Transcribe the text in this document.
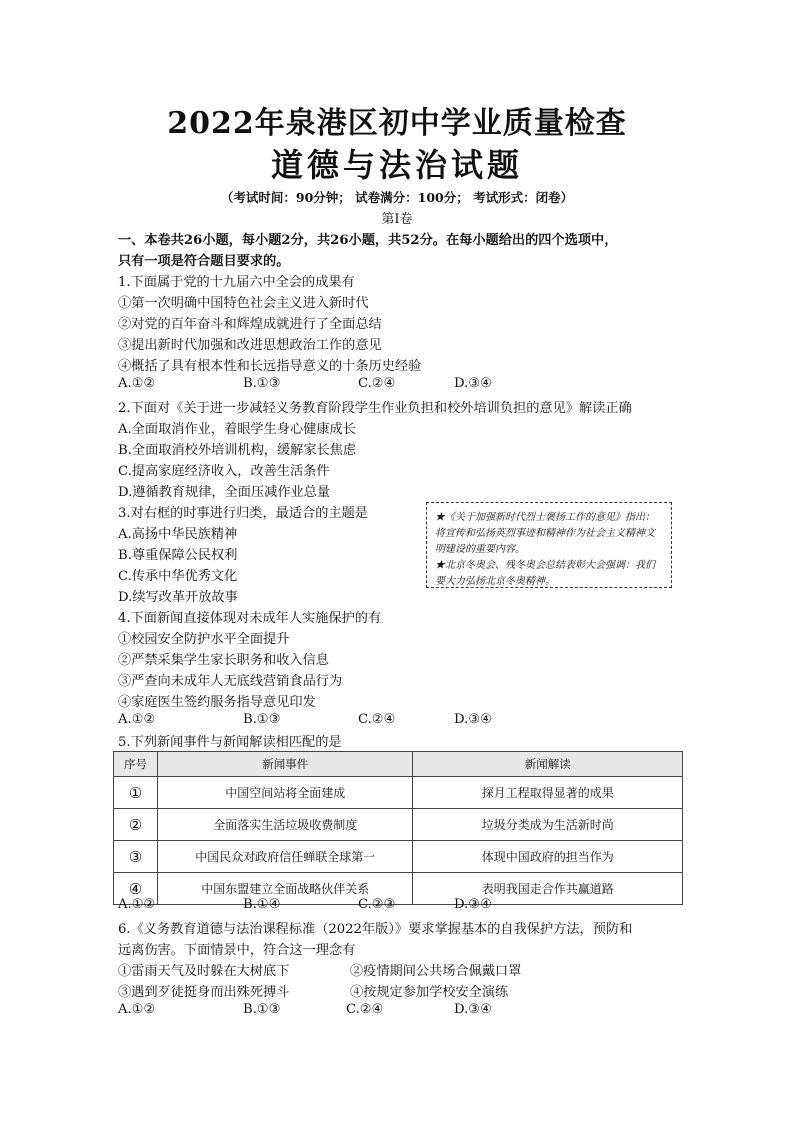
2022年泉港区初中学业质量检查
道德与法治试题
（考试时间：90分钟； 试卷满分：100分； 考试形式：闭卷）
第Ⅰ卷
一、本卷共26小题，每小题2分，共26小题，共52分。在每小题给出的四个选项中，
只有一项是符合题目要求的。
1.下面属于党的十九届六中全会的成果有
①第一次明确中国特色社会主义进入新时代
②对党的百年奋斗和辉煌成就进行了全面总结
③提出新时代加强和改进思想政治工作的意见
④概括了具有根本性和长远指导意义的十条历史经验
A.①②	B.①③	C.②④	D.③④
2.下面对《关于进一步减轻义务教育阶段学生作业负担和校外培训负担的意见》解读正确
A.全面取消作业，着眼学生身心健康成长
B.全面取消校外培训机构，缓解家长焦虑
C.提高家庭经济收入，改善生活条件
D.遵循教育规律，全面压减作业总量
3.对右框的时事进行归类，最适合的主题是
A.高扬中华民族精神
B.尊重保障公民权利
C.传承中华优秀文化
D.续写改革开放故事

★《关于加强新时代烈士褒扬工作的意见》指出：将宣传和弘扬英烈事迹和精神作为社会主义精神文明建设的重要内容。

★北京冬奥会、残冬奥会总结表彰大会强调：我们要大力弘扬北京冬奥精神。

4.下面新闻直接体现对未成年人实施保护的有
①校园安全防护水平全面提升
②严禁采集学生家长职务和收入信息
③严查向未成年人无底线营销食品行为
④家庭医生签约服务指导意见印发
A.①②	B.①③	C.②④	D.③④
5.下列新闻事件与新闻解读相匹配的是
序号	新闻事件	新闻解读
①	中国空间站将全面建成	探月工程取得显著的成果
②	全面落实生活垃圾收费制度	垃圾分类成为生活新时尚
③	中国民众对政府信任蝉联全球第一	体现中国政府的担当作为
④	中国东盟建立全面战略伙伴关系	表明我国走合作共赢道路
A.①②	B.①④	C.②③	D.③④
6.《义务教育道德与法治课程标准（2022年版）》要求掌握基本的自我保护方法，预防和
远离伤害。下面情景中，符合这一理念有
①雷雨天气及时躲在大树底下	②疫情期间公共场合佩戴口罩
③遇到歹徒挺身而出殊死搏斗	④按规定参加学校安全演练
A.①②	B.①③	C.②④	D.③④
